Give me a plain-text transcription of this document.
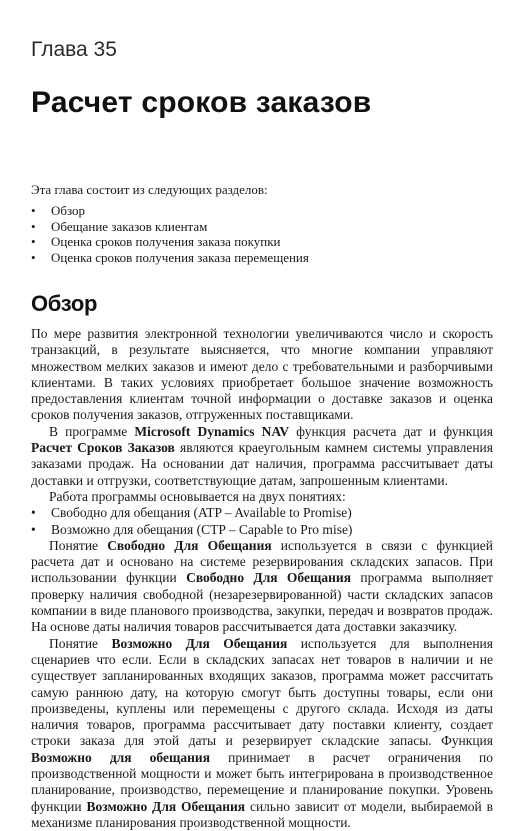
Глава 35
Расчет сроков заказов

Эта глава состоит из следующих разделов:

•	Обзор
•	Обещание заказов клиентам
•	Оценка сроков получения заказа покупки
•	Оценка сроков получения заказа перемещения
Обзор

По мере развития электронной технологии увеличиваются число и скорость транзакций, в результате выясняется, что многие компании управляют множеством мелких заказов и имеют дело с требовательными и разборчивыми клиентами. В таких условиях приобретает большое значение возможность предоставления клиентам точной информации о доставке заказов и оценка сроков получения заказов, отгруженных поставщиками.

В программе Microsoft Dynamics NAV функция расчета дат и функция Расчет Сроков Заказов являются краеугольным камнем системы управления заказами продаж. На основании дат наличия, программа рассчитывает даты доставки и отгрузки, соответствующие датам, запрошенным клиентами.

Работа программы основывается на двух понятиях:

•	Свободно для обещания (ATP – Available to Promise)
•	Возможно для обещания (CTP – Capable to Pro mise)

Понятие Свободно Для Обещания используется в связи с функцией расчета дат и основано на системе резервирования складских запасов. При использовании функции Свободно Для Обещания программа выполняет проверку наличия свободной (незарезервированной) части складских запасов компании в виде планового производства, закупки, передач и возвратов продаж. На основе даты наличия товаров рассчитывается дата доставки заказчику.

Понятие Возможно Для Обещания используется для выполнения сценариев что если. Если в складских запасах нет товаров в наличии и не существует запланированных входящих заказов, программа может рассчитать самую раннюю дату, на которую смогут быть доступны товары, если они произведены, куплены или перемещены с другого склада. Исходя из даты наличия товаров, программа рассчитывает дату поставки клиенту, создает строки заказа для этой даты и резервирует складские запасы. Функция Возможно для обещания принимает в расчет ограничения по производственной мощности и может быть интегрирована в производственное планирование, производство, перемещение и планирование покупки. Уровень функции Возможно Для Обещания сильно зависит от модели, выбираемой в механизме планирования производственной мощности.
